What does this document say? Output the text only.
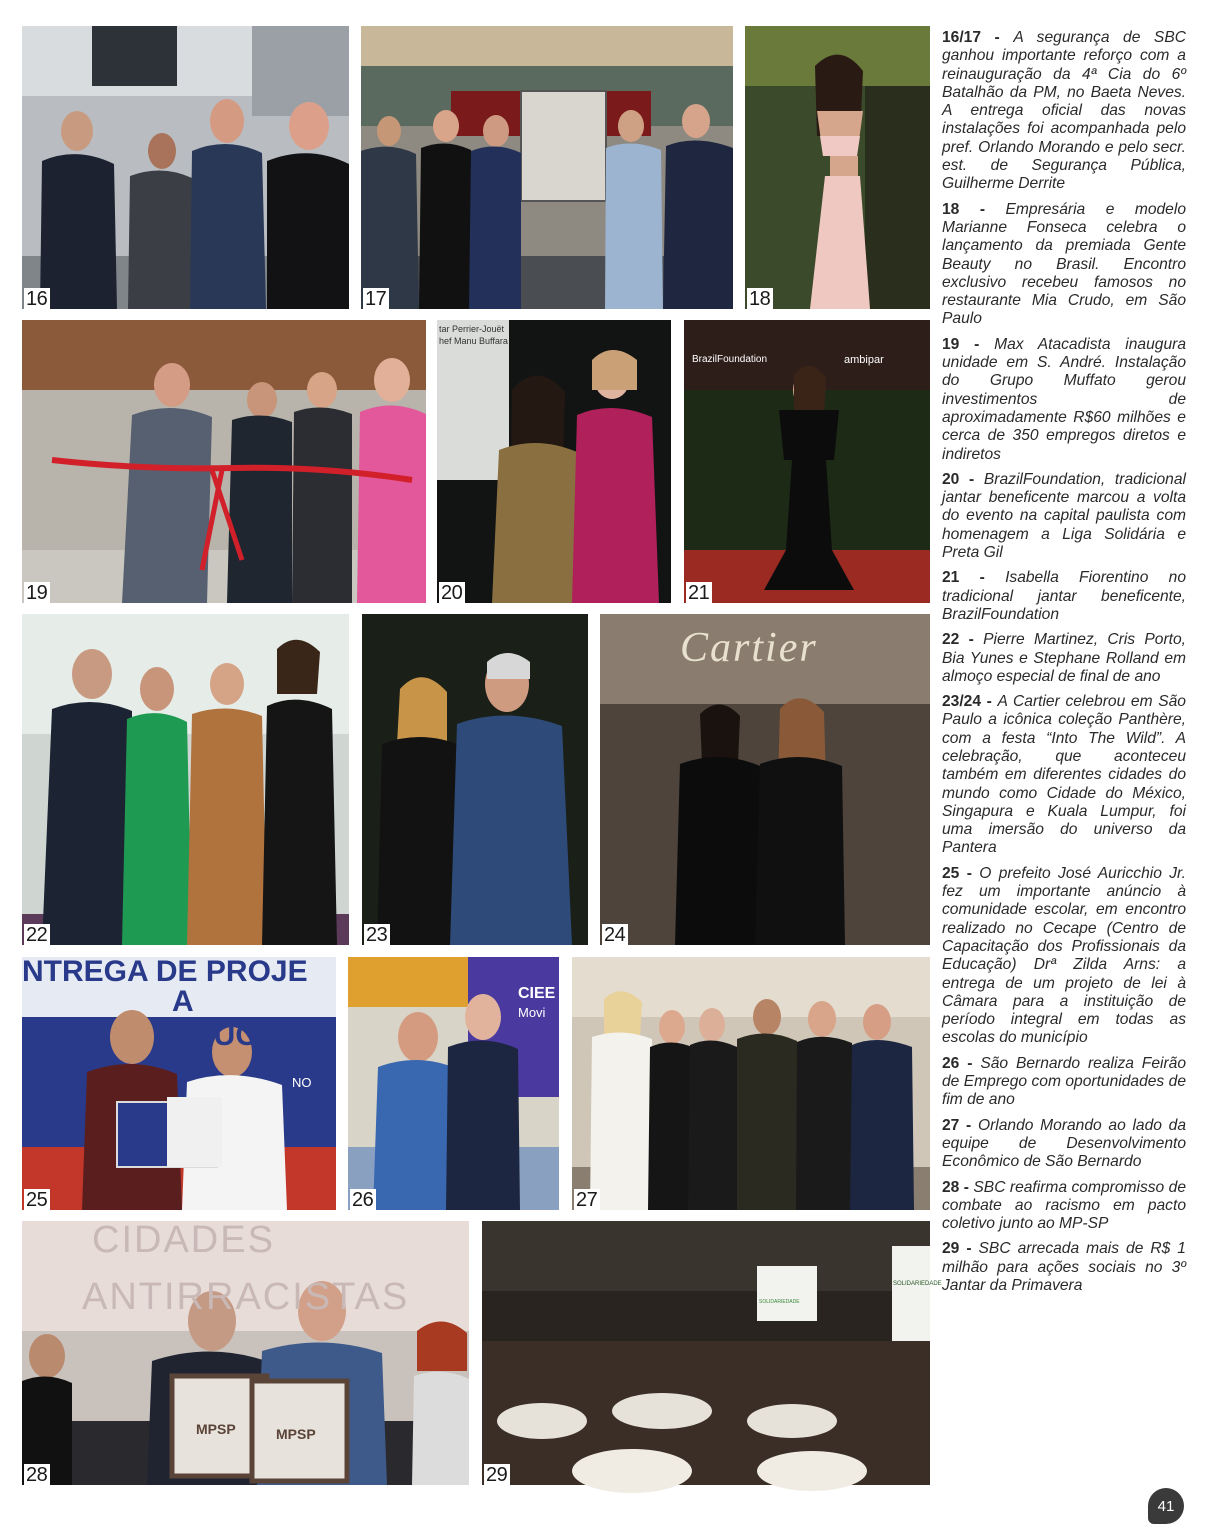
16	17	18
19
tar Perrier-Jouët
hef Manu Buffara
20
BrazilFoundation	ambipar
21
22	23
Cartier
24
NTREGA DE PROJE
A EDUCAÇÃ
NO
25
CIEE
Movi
26	27
CIDADES
ANTIRRACISTAS
MPSP	MPSP
28
SOLIDARIEDADE
SOLIDARIEDADE
29

16/17 - A segurança de SBC ganhou importante reforço com a reinauguração da 4ª Cia do 6º Batalhão da PM, no Baeta Neves. A entrega oficial das novas instalações foi acompanhada pelo pref. Orlando Morando e pelo secr. est. de Segurança Pública, Guilherme Derrite

18 - Empresária e modelo Marianne Fonseca celebra o lançamento da premiada Gente Beauty no Brasil. Encontro exclusivo recebeu famosos no restaurante Mia Crudo, em São Paulo

19 - Max Atacadista inaugura unidade em S. André. Instalação do Grupo Muffato gerou investimentos de aproximadamente R$60 milhões e cerca de 350 empregos diretos e indiretos

20 - BrazilFoundation, tradicional jantar beneficente marcou a volta do evento na capital paulista com homenagem a Liga Solidária e Preta Gil

21 - Isabella Fiorentino no tradicional jantar beneficente, BrazilFoundation

22 - Pierre Martinez, Cris Porto, Bia Yunes e Stephane Rolland em almoço especial de final de ano

23/24 - A Cartier celebrou em São Paulo a icônica coleção Panthère, com a festa “Into The Wild”. A celebração, que aconteceu também em diferentes cidades do mundo como Cidade do México, Singapura e Kuala Lumpur, foi uma imersão do universo da Pantera

25 - O prefeito José Auricchio Jr. fez um importante anúncio à comunidade escolar, em encontro realizado no Cecape (Centro de Capacitação dos Profissionais da Educação) Drª Zilda Arns: a entrega de um projeto de lei à Câmara para a instituição de período integral em todas as escolas do município

26 - São Bernardo realiza Feirão de Emprego com oportunidades de fim de ano

27 - Orlando Morando ao lado da equipe de Desenvolvimento Econômico de São Bernardo

28 - SBC reafirma compromisso de combate ao racismo em pacto coletivo junto ao MP-SP

29 - SBC arrecada mais de R$ 1 milhão para ações sociais no 3º Jantar da Primavera

41
